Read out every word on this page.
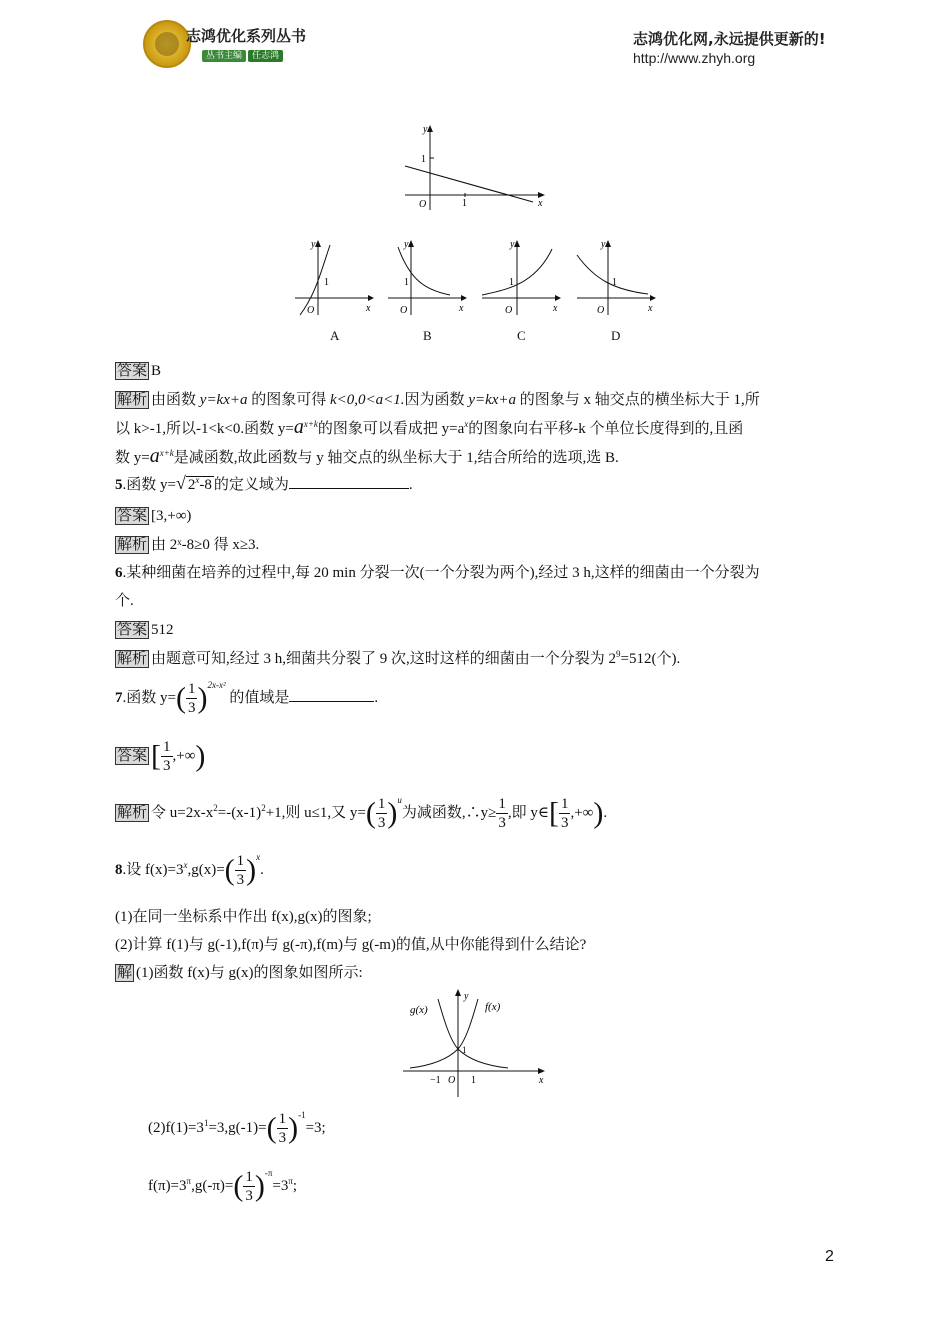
志鸿优化系列丛书
丛书主编 任志鸿
志鸿优化网,永远提供更新的!
http://www.zhyh.org
y
x
O	1
1
y
x
O
1
y
x
O
1
y
x
O
1
y
x
O
1
A	B	C	D
答案 B
解析 由函数 y=kx+a 的图象可得 k<0,0<a<1.因为函数 y=kx+a 的图象与 x 轴交点的横坐标大于 1,所
以 k>-1,所以-1<k<0.函数 $y=a^{x+k}$的图象可以看成把 $y=a^x$的图象向右平移-k 个单位长度得到的,且函
数 $y=a^{x+k}$是减函数,故此函数与 y 轴交点的纵坐标大于 1,结合所给的选项,选 B.
5.函数 y=√ 2$^x$-8 的定义域为	.
答案 [3,+∞)
解析 由 2ˣ-8≥0 得 x≥3.
6.某种细菌在培养的过程中,每 20 min 分裂一次(一个分裂为两个),经过 3 h,这样的细菌由一个分裂为
个.
答案 512
解析 由题意可知,经过 3 h,细菌共分裂了 9 次,这时这样的细菌由一个分裂为 $2^9=512$(个).
7.函数 $y=( \frac{1}{3} )^{2x-x^2}$ 的值域是	.
答案 [ $\frac{1}{3}$ ,+∞)
解析 令 $u=2x-x^2=-(x-1)^2+1$,则 u≤1,又 $y=( \frac{1}{3} )^u$为减函数,∴y≥ $\frac{1}{3}$ ,即 y∈[ $\frac{1}{3}$ ,+∞).
8.设 $f(x)=3^x,g(x)=( \frac{1}{3} )^x$.
(1)在同一坐标系中作出 f(x),g(x)的图象;
(2)计算 f(1)与 g(-1),f(π)与 g(-π),f(m)与 g(-m)的值,从中你能得到什么结论?
解 (1)函数 f(x)与 g(x)的图象如图所示:
y
x
O
−1	1
1
g(x)	f(x)
$(2)f(1)=3^1=3,g(-1)=( \frac{1}{3} )^{-1}=3$;
$f(\pi)=3^\pi,g(-\pi)=( \frac{1}{3} )^{-\pi}=3^\pi$;
2
